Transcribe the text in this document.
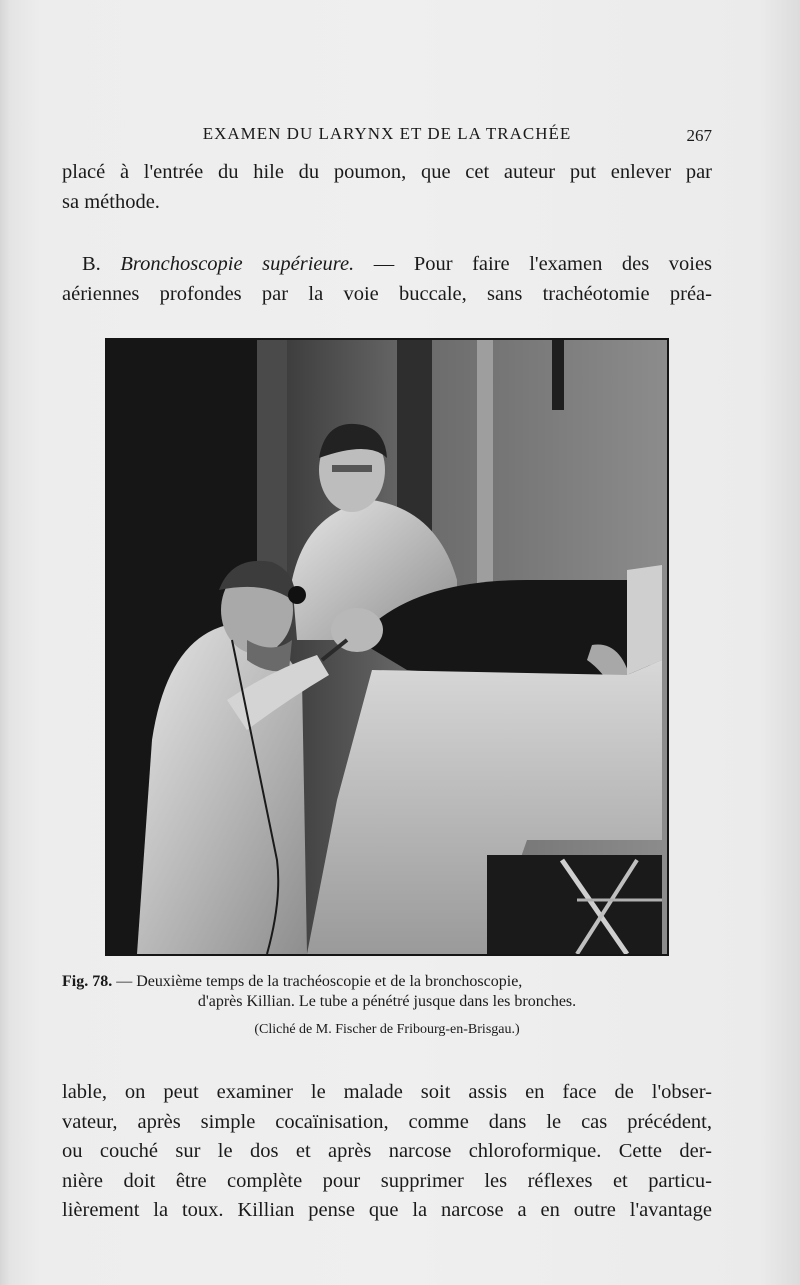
EXAMEN DU LARYNX ET DE LA TRACHÉE	267

placé à l'entrée du hile du poumon, que cet auteur put enlever par

sa méthode.

B. Bronchoscopie supérieure. — Pour faire l'examen des voies

aériennes profondes par la voie buccale, sans trachéotomie préa-

Fig. 78. — Deuxième temps de la trachéoscopie et de la bronchoscopie,
d'après Killian. Le tube a pénétré jusque dans les bronches.
(Cliché de M. Fischer de Fribourg-en-Brisgau.)

lable, on peut examiner le malade soit assis en face de l'obser-

vateur, après simple cocaïnisation, comme dans le cas précédent,

ou couché sur le dos et après narcose chloroformique. Cette der-

nière doit être complète pour supprimer les réflexes et particu-

lièrement la toux. Killian pense que la narcose a en outre l'avantage
